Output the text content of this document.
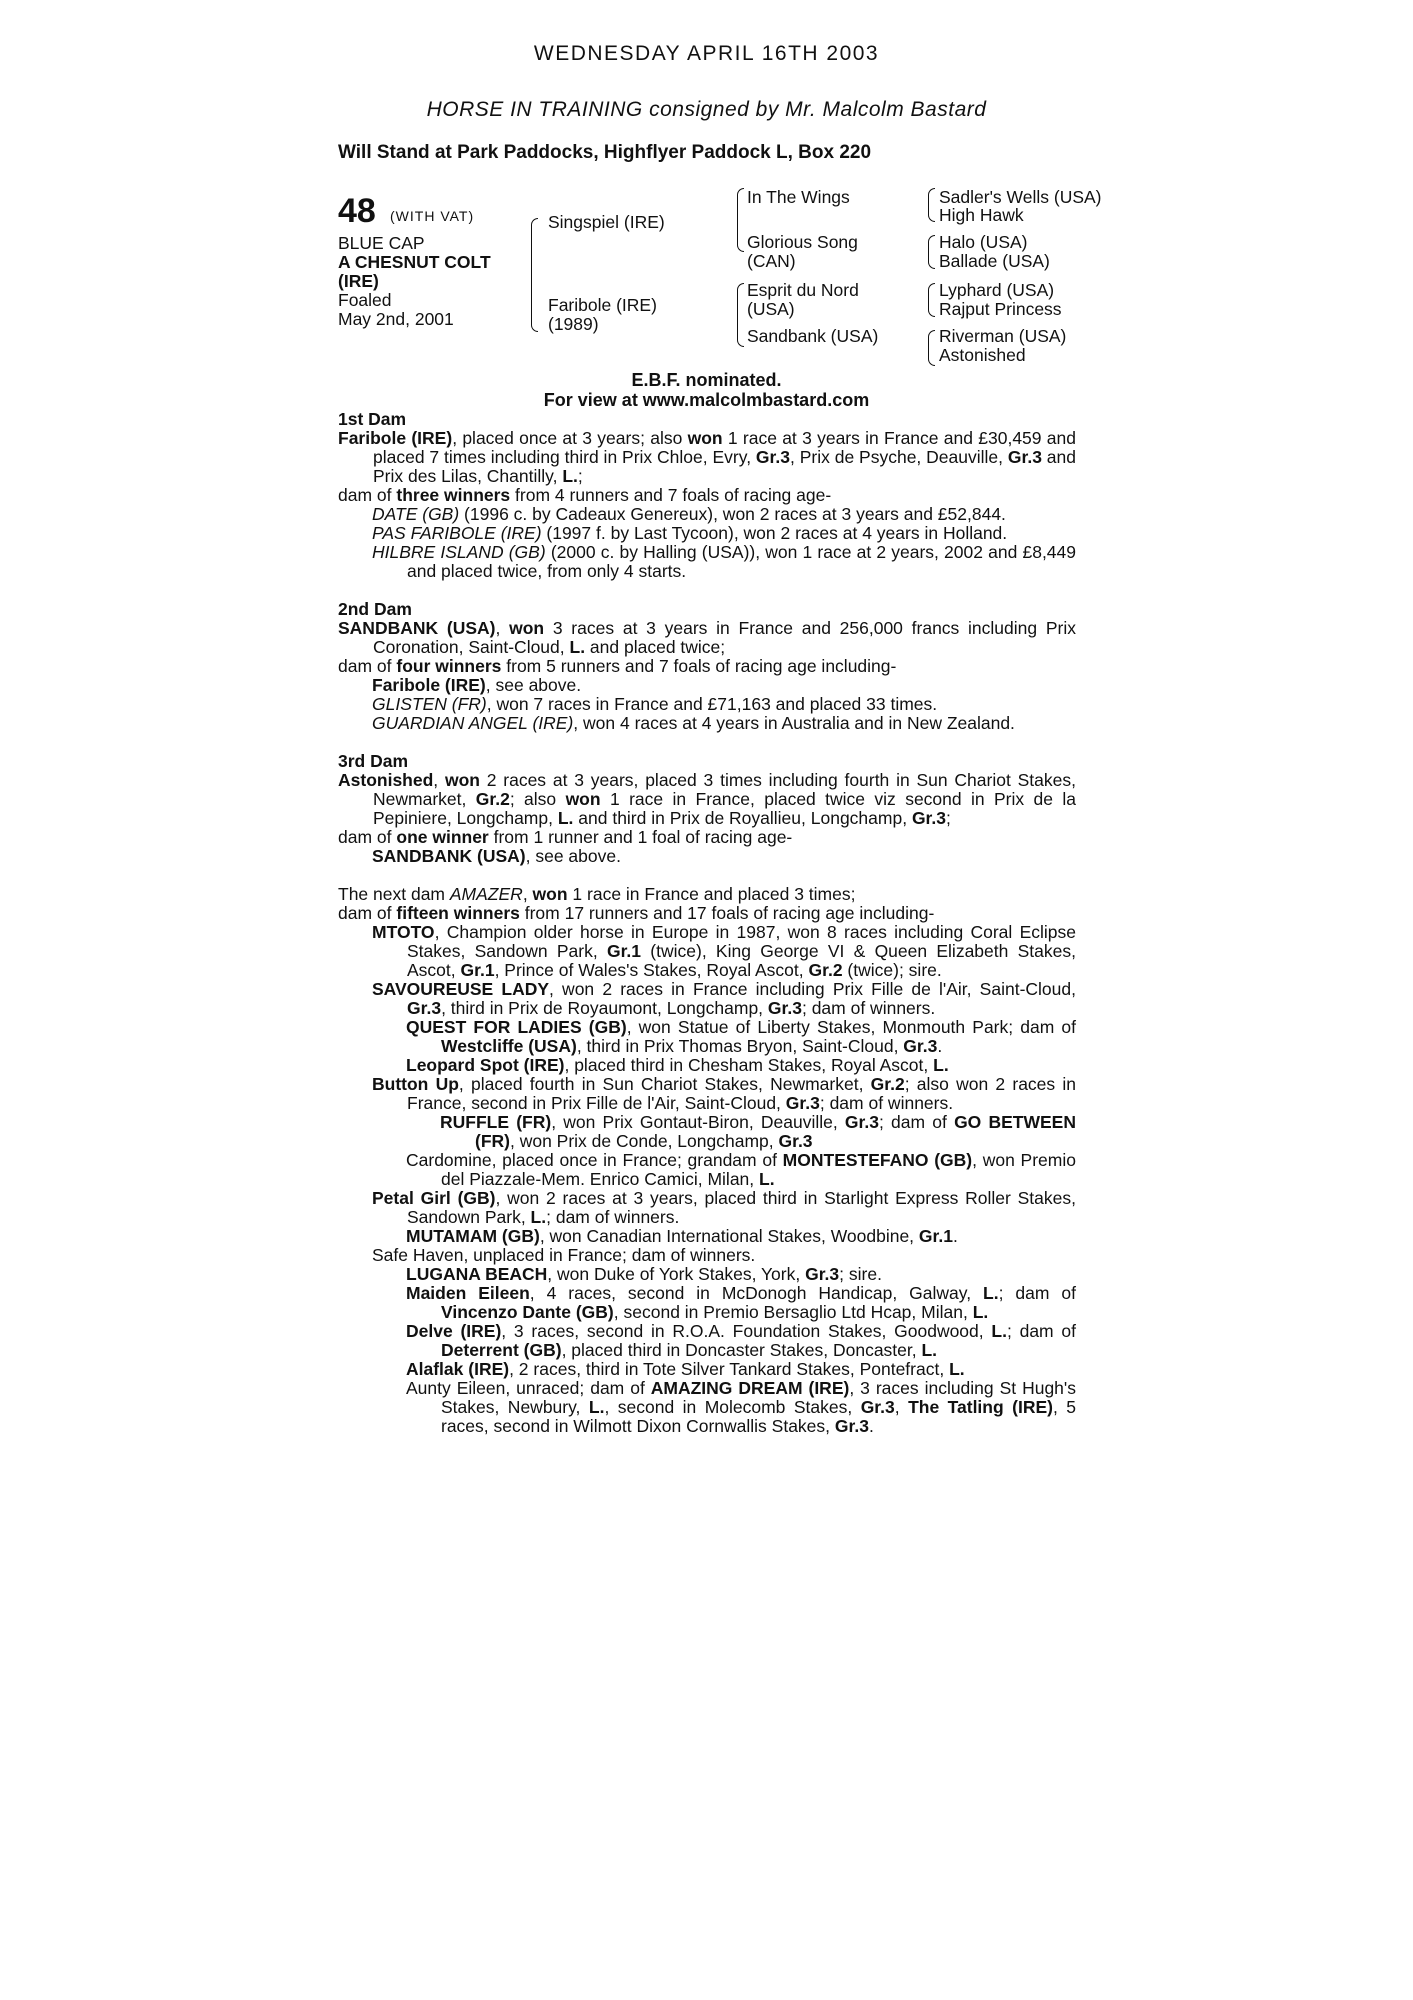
WEDNESDAY APRIL 16TH 2003
HORSE IN TRAINING consigned by Mr. Malcolm Bastard
Will Stand at Park Paddocks, Highflyer Paddock L, Box 220
48 (WITH VAT)
BLUE CAP
A CHESNUT COLT
(IRE)
Foaled
May 2nd, 2001
Singspiel (IRE)
Faribole (IRE)
(1989)
In The Wings
Glorious Song
(CAN)
Esprit du Nord
(USA)
Sandbank (USA)
Sadler's Wells (USA)
High Hawk
Halo (USA)
Ballade (USA)
Lyphard (USA)
Rajput Princess
Riverman (USA)
Astonished
E.B.F. nominated.
For view at www.malcolmbastard.com
1st Dam

Faribole (IRE), placed once at 3 years; also won 1 race at 3 years in France and £30,459 and placed 7 times including third in Prix Chloe, Evry, Gr.3, Prix de Psyche, Deauville, Gr.3 and Prix des Lilas, Chantilly, L.;

dam of three winners from 4 runners and 7 foals of racing age-

DATE (GB) (1996 c. by Cadeaux Genereux), won 2 races at 3 years and £52,844.

PAS FARIBOLE (IRE) (1997 f. by Last Tycoon), won 2 races at 4 years in Holland.

HILBRE ISLAND (GB) (2000 c. by Halling (USA)), won 1 race at 2 years, 2002 and £8,449 and placed twice, from only 4 starts.

2nd Dam

SANDBANK (USA), won 3 races at 3 years in France and 256,000 francs including Prix Coronation, Saint-Cloud, L. and placed twice;

dam of four winners from 5 runners and 7 foals of racing age including-

Faribole (IRE), see above.

GLISTEN (FR), won 7 races in France and £71,163 and placed 33 times.

GUARDIAN ANGEL (IRE), won 4 races at 4 years in Australia and in New Zealand.

3rd Dam

Astonished, won 2 races at 3 years, placed 3 times including fourth in Sun Chariot Stakes, Newmarket, Gr.2; also won 1 race in France, placed twice viz second in Prix de la Pepiniere, Longchamp, L. and third in Prix de Royallieu, Longchamp, Gr.3;

dam of one winner from 1 runner and 1 foal of racing age-

SANDBANK (USA), see above.

The next dam AMAZER, won 1 race in France and placed 3 times;

dam of fifteen winners from 17 runners and 17 foals of racing age including-

MTOTO, Champion older horse in Europe in 1987, won 8 races including Coral Eclipse Stakes, Sandown Park, Gr.1 (twice), King George VI & Queen Elizabeth Stakes, Ascot, Gr.1, Prince of Wales's Stakes, Royal Ascot, Gr.2 (twice); sire.

SAVOUREUSE LADY, won 2 races in France including Prix Fille de l'Air, Saint-Cloud, Gr.3, third in Prix de Royaumont, Longchamp, Gr.3; dam of winners.

QUEST FOR LADIES (GB), won Statue of Liberty Stakes, Monmouth Park; dam of Westcliffe (USA), third in Prix Thomas Bryon, Saint-Cloud, Gr.3.

Leopard Spot (IRE), placed third in Chesham Stakes, Royal Ascot, L.

Button Up, placed fourth in Sun Chariot Stakes, Newmarket, Gr.2; also won 2 races in France, second in Prix Fille de l'Air, Saint-Cloud, Gr.3; dam of winners.

RUFFLE (FR), won Prix Gontaut-Biron, Deauville, Gr.3; dam of GO BETWEEN (FR), won Prix de Conde, Longchamp, Gr.3

Cardomine, placed once in France; grandam of MONTESTEFANO (GB), won Premio del Piazzale-Mem. Enrico Camici, Milan, L.

Petal Girl (GB), won 2 races at 3 years, placed third in Starlight Express Roller Stakes, Sandown Park, L.; dam of winners.

MUTAMAM (GB), won Canadian International Stakes, Woodbine, Gr.1.

Safe Haven, unplaced in France; dam of winners.

LUGANA BEACH, won Duke of York Stakes, York, Gr.3; sire.

Maiden Eileen, 4 races, second in McDonogh Handicap, Galway, L.; dam of Vincenzo Dante (GB), second in Premio Bersaglio Ltd Hcap, Milan, L.

Delve (IRE), 3 races, second in R.O.A. Foundation Stakes, Goodwood, L.; dam of Deterrent (GB), placed third in Doncaster Stakes, Doncaster, L.

Alaflak (IRE), 2 races, third in Tote Silver Tankard Stakes, Pontefract, L.

Aunty Eileen, unraced; dam of AMAZING DREAM (IRE), 3 races including St Hugh's Stakes, Newbury, L., second in Molecomb Stakes, Gr.3, The Tatling (IRE), 5 races, second in Wilmott Dixon Cornwallis Stakes, Gr.3.
